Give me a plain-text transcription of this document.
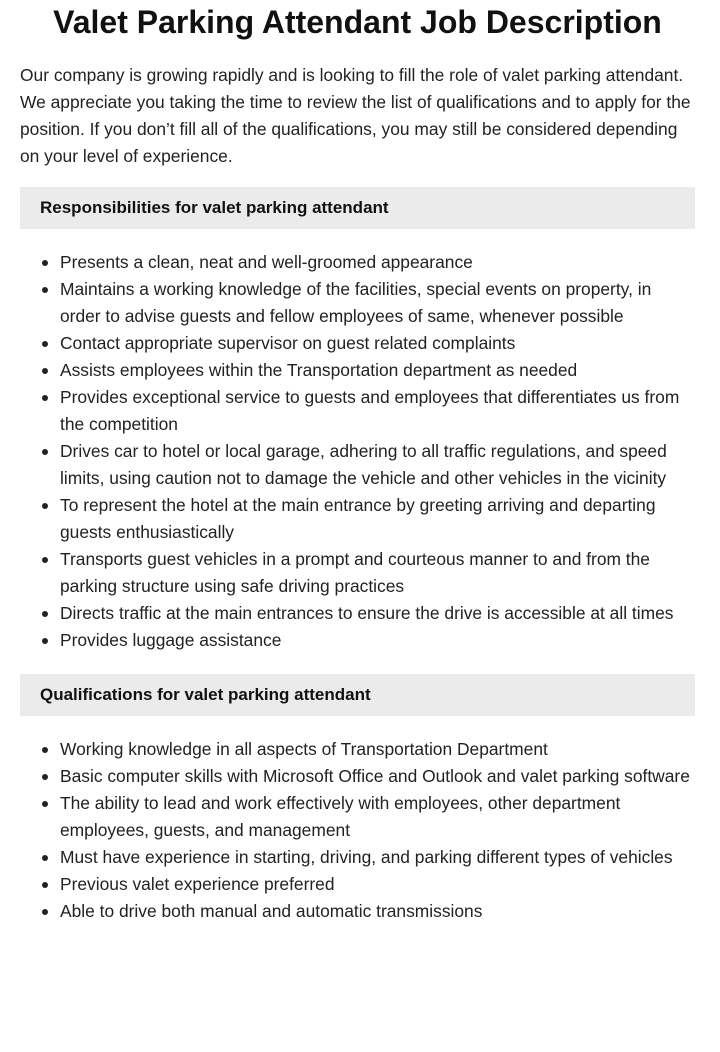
Valet Parking Attendant Job Description

Our company is growing rapidly and is looking to fill the role of valet parking attendant. We appreciate you taking the time to review the list of qualifications and to apply for the position. If you don’t fill all of the qualifications, you may still be considered depending on your level of experience.

Responsibilities for valet parking attendant
Presents a clean, neat and well-groomed appearance
Maintains a working knowledge of the facilities, special events on property, in order to advise guests and fellow employees of same, whenever possible
Contact appropriate supervisor on guest related complaints
Assists employees within the Transportation department as needed
Provides exceptional service to guests and employees that differentiates us from the competition
Drives car to hotel or local garage, adhering to all traffic regulations, and speed limits, using caution not to damage the vehicle and other vehicles in the vicinity
To represent the hotel at the main entrance by greeting arriving and departing guests enthusiastically
Transports guest vehicles in a prompt and courteous manner to and from the parking structure using safe driving practices
Directs traffic at the main entrances to ensure the drive is accessible at all times
Provides luggage assistance
Qualifications for valet parking attendant
Working knowledge in all aspects of Transportation Department
Basic computer skills with Microsoft Office and Outlook and valet parking software
The ability to lead and work effectively with employees, other department employees, guests, and management
Must have experience in starting, driving, and parking different types of vehicles
Previous valet experience preferred
Able to drive both manual and automatic transmissions
